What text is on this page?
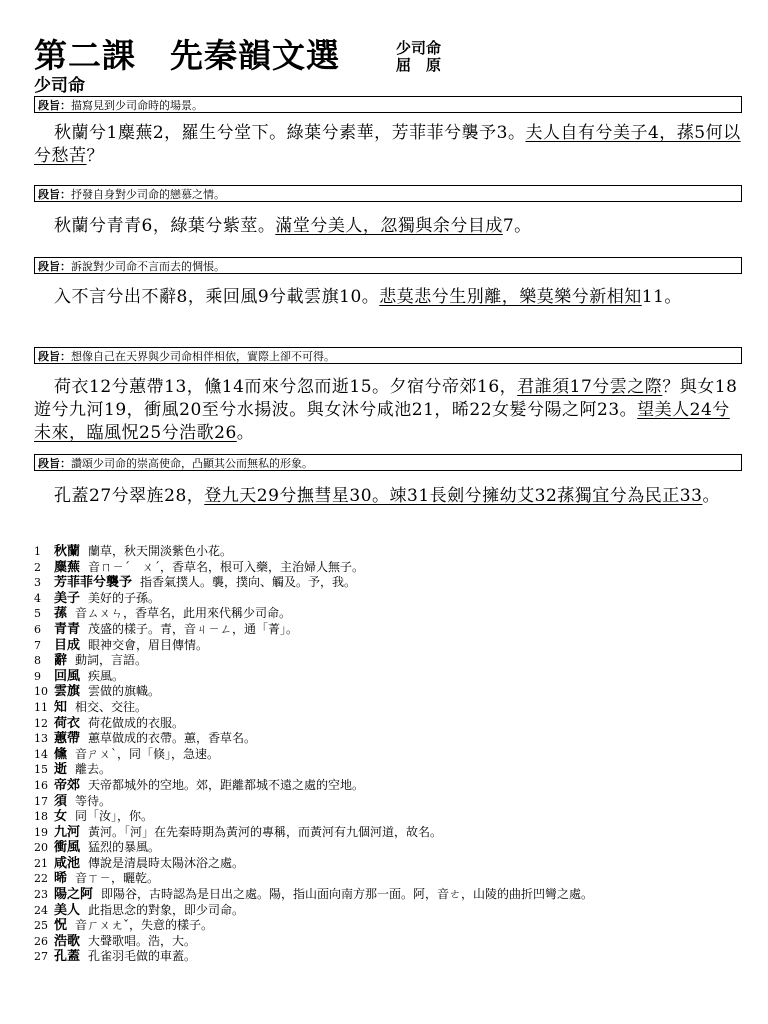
第二課　先秦韻文選	少司命
屈　原
少司命
段旨：描寫見到少司命時的場景。

秋蘭兮1麋蕪2，羅生兮堂下。綠葉兮素華，芳菲菲兮襲予3。夫人自有兮美子4，蓀5何以兮愁苦？

段旨：抒發自身對少司命的戀慕之情。

秋蘭兮青青6，綠葉兮紫莖。滿堂兮美人，忽獨與余兮目成7。

段旨：訴說對少司命不言而去的惆悵。

入不言兮出不辭8，乘回風9兮載雲旗10。悲莫悲兮生別離，樂莫樂兮新相知11。

段旨：想像自己在天界與少司命相伴相依，實際上卻不可得。

荷衣12兮蕙帶13，儵14而來兮忽而逝15。夕宿兮帝郊16，君誰須17兮雲之際？與女18遊兮九河19，衝風20至兮水揚波。與女沐兮咸池21，晞22女髮兮陽之阿23。望美人24兮未來，臨風怳25兮浩歌26。

段旨：讚頌少司命的崇高使命，凸顯其公而無私的形象。

孔蓋27兮翠旌28，登九天29兮撫彗星30。竦31長劍兮擁幼艾32蓀獨宜兮為民正33。

1 秋蘭 蘭草，秋天開淡紫色小花。
2 麋蕪 音ㄇㄧˊ　ㄨˊ，香草名，根可入藥，主治婦人無子。
3 芳菲菲兮襲予 指香氣撲人。襲，撲向、觸及。予，我。
4 美子 美好的子孫。
5 蓀 音ㄙㄨㄣ，香草名，此用來代稱少司命。
6 青青 茂盛的樣子。青，音ㄐㄧㄥ，通「菁」。
7 目成 眼神交會，眉目傳情。
8 辭 動詞，言語。
9 回風 疾風。
10 雲旗 雲做的旗幟。
11 知 相交、交往。
12 荷衣 荷花做成的衣服。
13 蕙帶 蕙草做成的衣帶。蕙，香草名。
14 儵 音ㄕㄨˋ，同「倏」，急速。
15 逝 離去。
16 帝郊 天帝都城外的空地。郊，距離都城不遠之處的空地。
17 須 等待。
18 女 同「汝」，你。
19 九河 黃河。「河」在先秦時期為黃河的專稱，而黃河有九個河道，故名。
20 衝風 猛烈的暴風。
21 咸池 傳說是清晨時太陽沐浴之處。
22 晞 音ㄒㄧ，曬乾。
23 陽之阿 即陽谷，古時認為是日出之處。陽，指山面向南方那一面。阿，音ㄜ，山陵的曲折凹彎之處。
24 美人 此指思念的對象，即少司命。
25 怳 音ㄏㄨㄤˇ，失意的樣子。
26 浩歌 大聲歌唱。浩，大。
27 孔蓋 孔雀羽毛做的車蓋。
